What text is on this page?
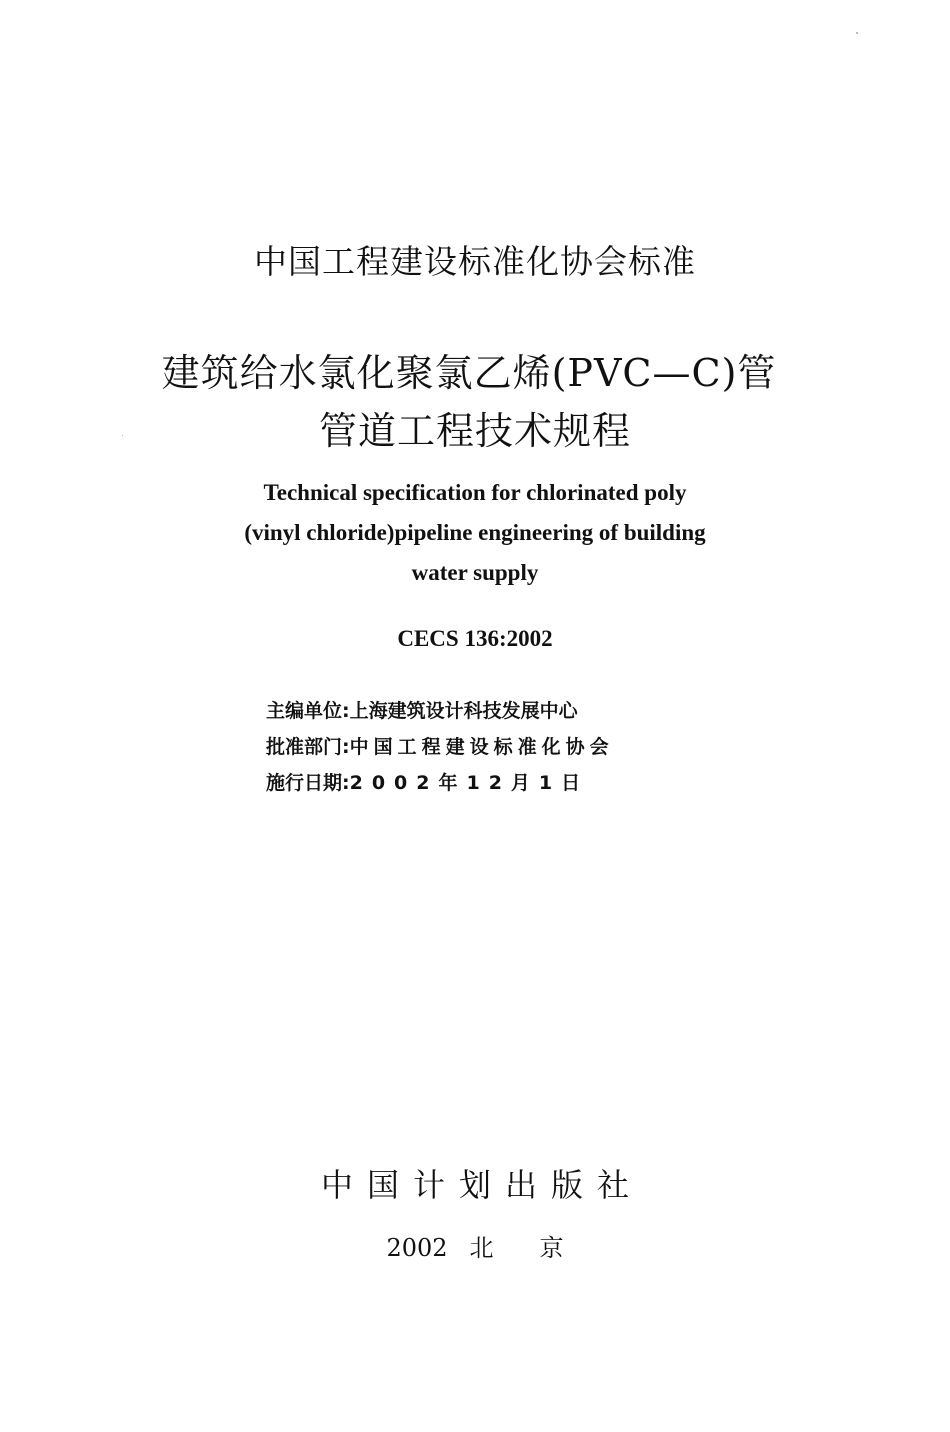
中国工程建设标准化协会标准
建筑给水氯化聚氯乙烯(PVC—C)管
管道工程技术规程
Technical specification for chlorinated poly
(vinyl chloride)pipeline engineering of building
water supply
CECS 136:2002
主编单位:上海建筑设计科技发展中心
批准部门:中国工程建设标准化协会
施行日期:2002年12月1日
中国计划出版社
2002 北 京
